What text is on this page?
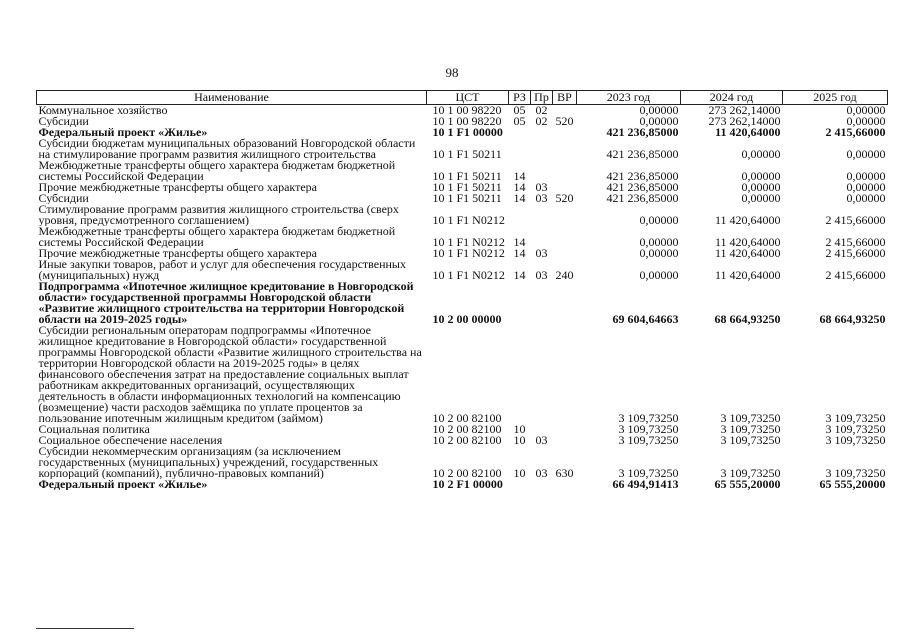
98
Наименование	ЦСТ	РЗ	Пр	ВР	2023 год	2024 год	2025 год
Коммунальное хозяйство	10 1 00 98220	05	02		0,00000	273 262,14000	0,00000
Субсидии	10 1 00 98220	05	02	520	0,00000	273 262,14000	0,00000
Федеральный проект «Жилье»	10 1 F1 00000				421 236,85000	11 420,64000	2 415,66000
Субсидии бюджетам муниципальных образований Новгородской области на стимулирование программ развития жилищного строительства	10 1 F1 50211				421 236,85000	0,00000	0,00000
Межбюджетные трансферты общего характера бюджетам бюджетной системы Российской Федерации	10 1 F1 50211	14			421 236,85000	0,00000	0,00000
Прочие межбюджетные трансферты общего характера	10 1 F1 50211	14	03		421 236,85000	0,00000	0,00000
Субсидии	10 1 F1 50211	14	03	520	421 236,85000	0,00000	0,00000
Стимулирование программ развития жилищного строительства (сверх уровня, предусмотренного соглашением)	10 1 F1 N0212				0,00000	11 420,64000	2 415,66000
Межбюджетные трансферты общего характера бюджетам бюджетной системы Российской Федерации	10 1 F1 N0212	14			0,00000	11 420,64000	2 415,66000
Прочие межбюджетные трансферты общего характера	10 1 F1 N0212	14	03		0,00000	11 420,64000	2 415,66000
Иные закупки товаров, работ и услуг для обеспечения государственных (муниципальных) нужд	10 1 F1 N0212	14	03	240	0,00000	11 420,64000	2 415,66000
Подпрограмма «Ипотечное жилищное кредитование в Новгородской области» государственной программы Новгородской области «Развитие жилищного строительства на территории Новгородской области на 2019-2025 годы»	10 2 00 00000				69 604,64663	68 664,93250	68 664,93250
Субсидии региональным операторам подпрограммы «Ипотечное жилищное кредитование в Новгородской области» государственной программы Новгородской области «Развитие жилищного строительства на территории Новгородской области на 2019-2025 годы» в целях финансового обеспечения затрат на предоставление социальных выплат работникам аккредитованных организаций, осуществляющих деятельность в области информационных технологий на компенсацию (возмещение) части расходов заёмщика по уплате процентов за пользование ипотечным жилищным кредитом (займом)	10 2 00 82100				3 109,73250	3 109,73250	3 109,73250
Социальная политика	10 2 00 82100	10			3 109,73250	3 109,73250	3 109,73250
Социальное обеспечение населения	10 2 00 82100	10	03		3 109,73250	3 109,73250	3 109,73250
Субсидии некоммерческим организациям (за исключением государственных (муниципальных) учреждений, государственных корпораций (компаний), публично-правовых компаний)	10 2 00 82100	10	03	630	3 109,73250	3 109,73250	3 109,73250
Федеральный проект «Жилье»	10 2 F1 00000				66 494,91413	65 555,20000	65 555,20000
